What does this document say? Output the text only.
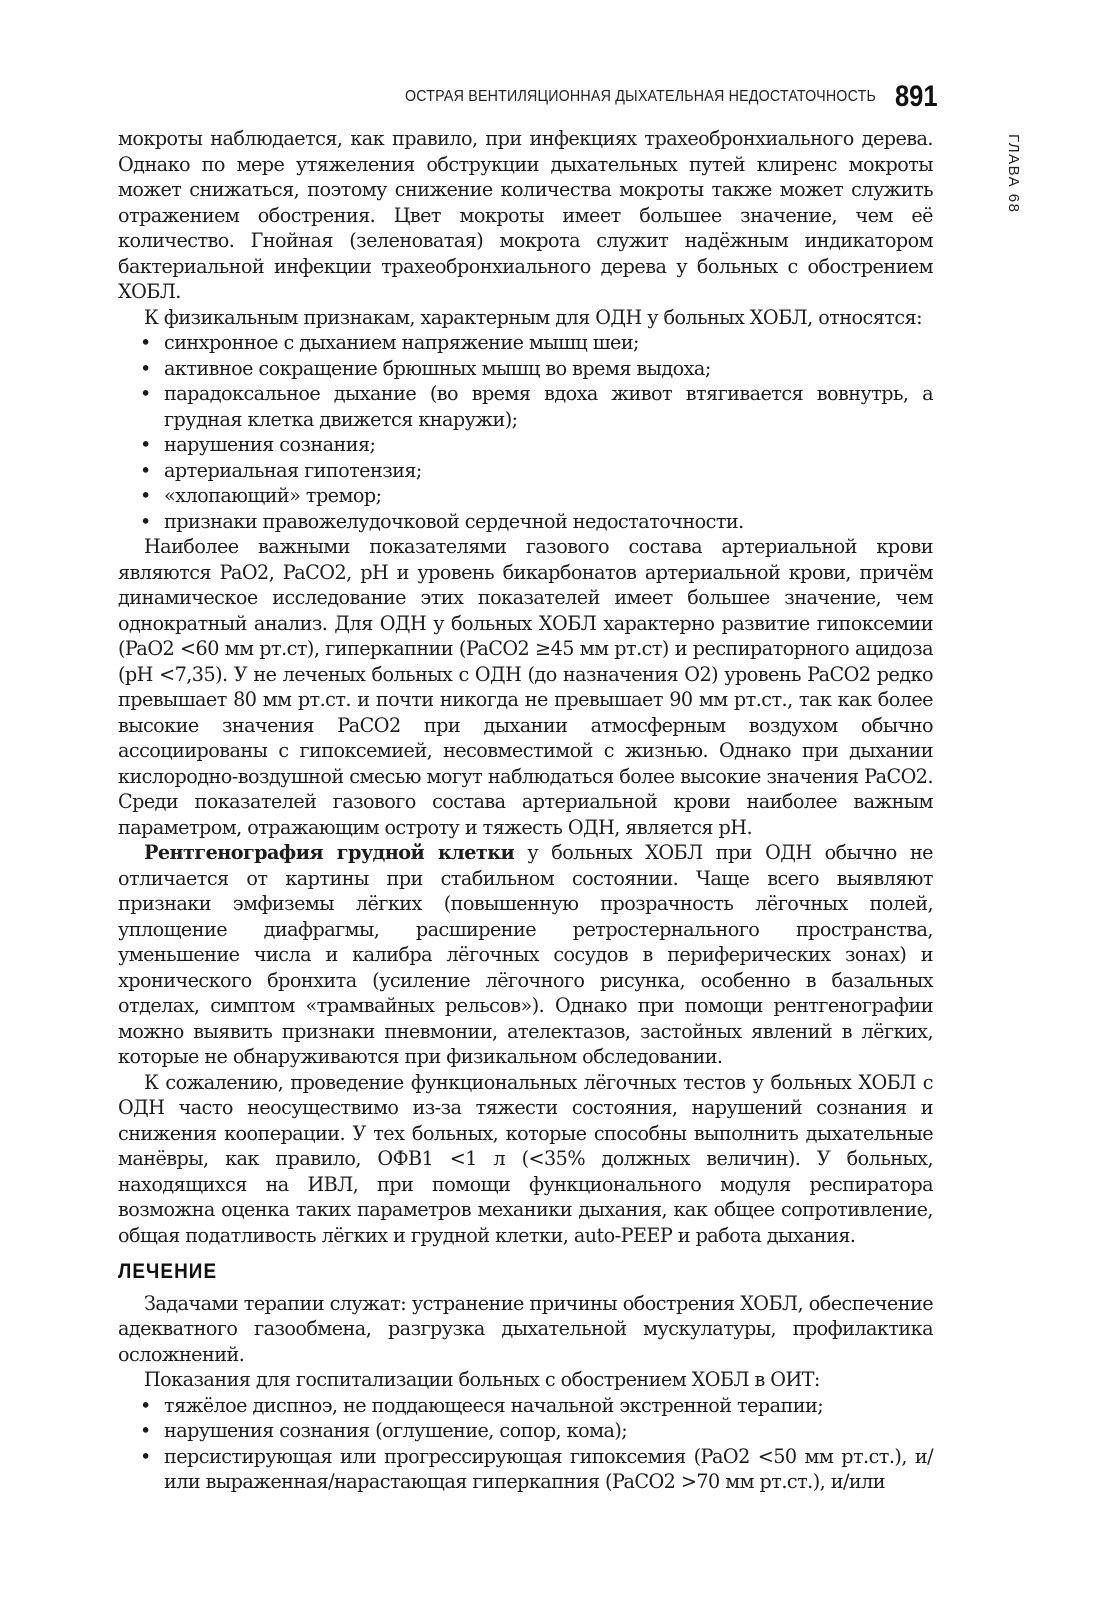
ОСТРАЯ ВЕНТИЛЯЦИОННАЯ ДЫХАТЕЛЬНАЯ НЕДОСТАТОЧНОСТЬ 891
ГЛАВА 68

мокроты наблюдается, как правило, при инфекциях трахеобронхиального дерева. Однако по мере утяжеления обструкции дыхательных путей клиренс мокроты может снижаться, поэтому снижение количества мокроты также может служить отражением обострения. Цвет мокроты имеет большее значение, чем её количество. Гнойная (зеленоватая) мокрота служит надёжным индикатором бактериальной инфекции трахеобронхиального дерева у больных с обострением ХОБЛ.

К физикальным признакам, характерным для ОДН у больных ХОБЛ, относятся:

• синхронное с дыханием напряжение мышц шеи;
• активное сокращение брюшных мышц во время выдоха;
• парадоксальное дыхание (во время вдоха живот втягивается вовнутрь, а грудная клетка движется кнаружи);
• нарушения сознания;
• артериальная гипотензия;
• «хлопающий» тремор;
• признаки правожелудочковой сердечной недостаточности.

Наиболее важными показателями газового состава артериальной крови являются PaO2, PaCO2, pH и уровень бикарбонатов артериальной крови, причём динамическое исследование этих показателей имеет большее значение, чем однократный анализ. Для ОДН у больных ХОБЛ характерно развитие гипоксемии (PaO2 <60 мм рт.ст), гиперкапнии (PaCO2 ≥45 мм рт.ст) и респираторного ацидоза (pH <7,35). У не леченых больных с ОДН (до назначения O2) уровень PaCO2 редко превышает 80 мм рт.ст. и почти никогда не превышает 90 мм рт.ст., так как более высокие значения PaCO2 при дыхании атмосферным воздухом обычно ассоциированы с гипоксемией, несовместимой с жизнью. Однако при дыхании кислородно-воздушной смесью могут наблюдаться более высокие значения PaCO2. Среди показателей газового состава артериальной крови наиболее важным параметром, отражающим остроту и тяжесть ОДН, является pH.

Рентгенография грудной клетки у больных ХОБЛ при ОДН обычно не отличается от картины при стабильном состоянии. Чаще всего выявляют признаки эмфиземы лёгких (повышенную прозрачность лёгочных полей, уплощение диафрагмы, расширение ретростернального пространства, уменьшение числа и калибра лёгочных сосудов в периферических зонах) и хронического бронхита (усиление лёгочного рисунка, особенно в базальных отделах, симптом «трамвайных рельсов»). Однако при помощи рентгенографии можно выявить признаки пневмонии, ателектазов, застойных явлений в лёгких, которые не обнаруживаются при физикальном обследовании.

К сожалению, проведение функциональных лёгочных тестов у больных ХОБЛ с ОДН часто неосуществимо из-за тяжести состояния, нарушений сознания и снижения кооперации. У тех больных, которые способны выполнить дыхательные манёвры, как правило, ОФВ1 <1 л (<35% должных величин). У больных, находящихся на ИВЛ, при помощи функционального модуля респиратора возможна оценка таких параметров механики дыхания, как общее сопротивление, общая податливость лёгких и грудной клетки, auto-PEEP и работа дыхания.

ЛЕЧЕНИЕ

Задачами терапии служат: устранение причины обострения ХОБЛ, обеспечение адекватного газообмена, разгрузка дыхательной мускулатуры, профилактика осложнений.

Показания для госпитализации больных с обострением ХОБЛ в ОИТ:

• тяжёлое диспноэ, не поддающееся начальной экстренной терапии;
• нарушения сознания (оглушение, сопор, кома);
• персистирующая или прогрессирующая гипоксемия (PaO2 <50 мм рт.ст.), и/или выраженная/нарастающая гиперкапния (PaCO2 >70 мм рт.ст.), и/или
